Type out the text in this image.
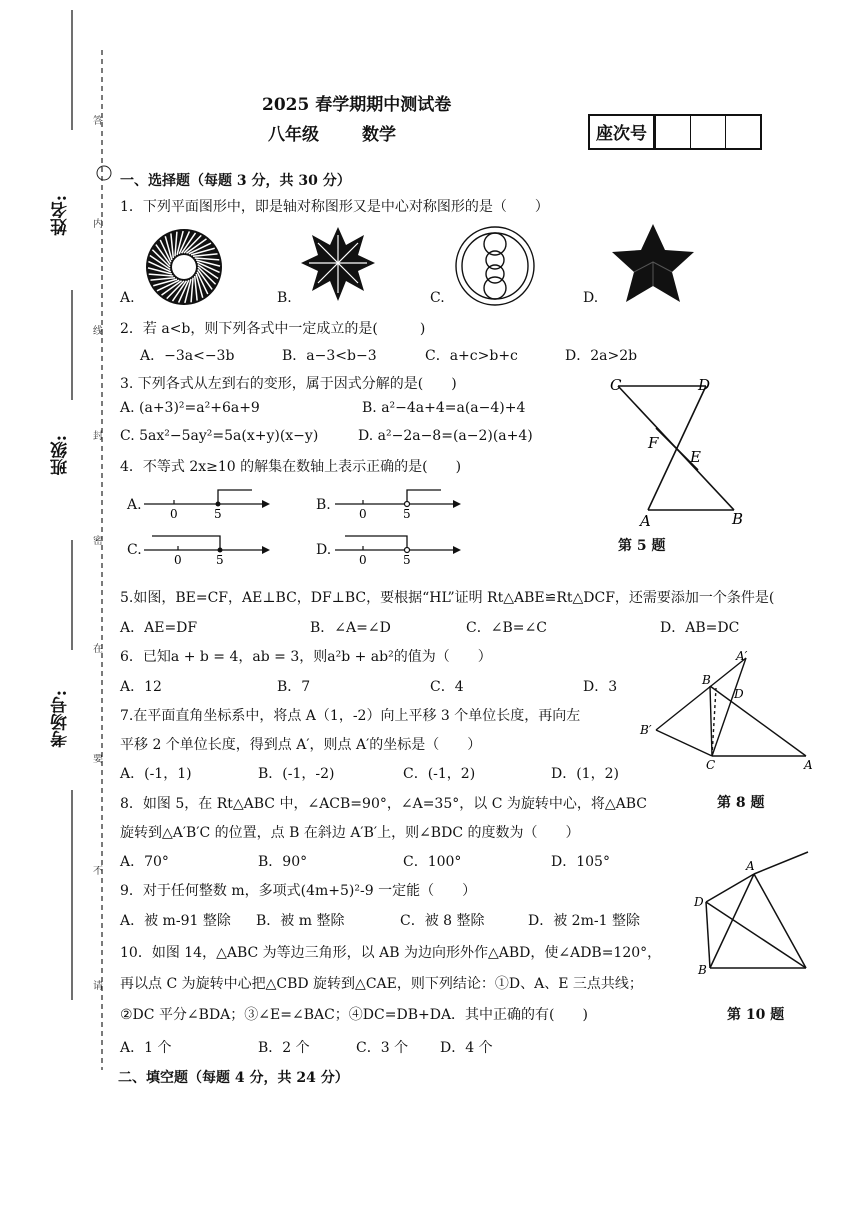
姓名:
班级:
考场号:
答
内
线
封
密
在
要
不
请
2025 春学期期中测试卷
八年级	数学	座次号
一、选择题（每题 3 分，共 30 分）
1．下列平面图形中，即是轴对称图形又是中心对称图形的是（　　）
A.	B.	C.	D.
2．若 a<b，则下列各式中一定成立的是(　　　)
A．−3a<−3b	B．a−3<b−3	C．a+c>b+c	D．2a>2b
3. 下列各式从左到右的变形，属于因式分解的是(　　)
A. (a+3)²=a²+6a+9	B. a²−4a+4=a(a−4)+4
C. 5ax²−5ay²=5a(x+y)(x−y)	D. a²−2a−8=(a−2)(a+4)
C	D
F
E
A	B
第 5 题
4．不等式 2x≥10 的解集在数轴上表示正确的是(　　)
A.	B.
C.	D.
0	5	0	5
0	5	0	5
5.如图，BE=CF，AE⊥BC，DF⊥BC，要根据“HL”证明 Rt△ABE≌Rt△DCF，还需要添加一个条件是(
A．AE=DF	B．∠A=∠D	C．∠B=∠C	D．AB=DC
6．已知a + b = 4，ab = 3，则a²b + ab²的值为（　　）
A．12	B．7	C．4	D．3
A′
B
D
B′
C	A
第 8 题
7.在平面直角坐标系中，将点 A（1，-2）向上平移 3 个单位长度，再向左
平移 2 个单位长度，得到点 A′，则点 A′的坐标是（　　）
A．(-1，1)	B．(-1，-2)	C．(-1，2)	D．(1，2)
8．如图 5，在 Rt△ABC 中，∠ACB=90°，∠A=35°，以 C 为旋转中心，将△ABC
旋转到△A′B′C 的位置，点 B 在斜边 A′B′上，则∠BDC 的度数为（　　）
A．70°	B．90°	C．100°	D．105°	A
D
B
第 10 题
9．对于任何整数 m，多项式(4m+5)²-9 一定能（　　）
A．被 m-91 整除 B．被 m 整除	C．被 8 整除	D．被 2m-1 整除
10．如图 14，△ABC 为等边三角形，以 AB 为边向形外作△ABD，使∠ADB=120°，
再以点 C 为旋转中心把△CBD 旋转到△CAE，则下列结论：①D、A、E 三点共线；
②DC 平分∠BDA；③∠E=∠BAC；④DC=DB+DA．其中正确的有(　　)
A．1 个	B．2 个	C．3 个 D．4 个
二、填空题（每题 4 分，共 24 分）
